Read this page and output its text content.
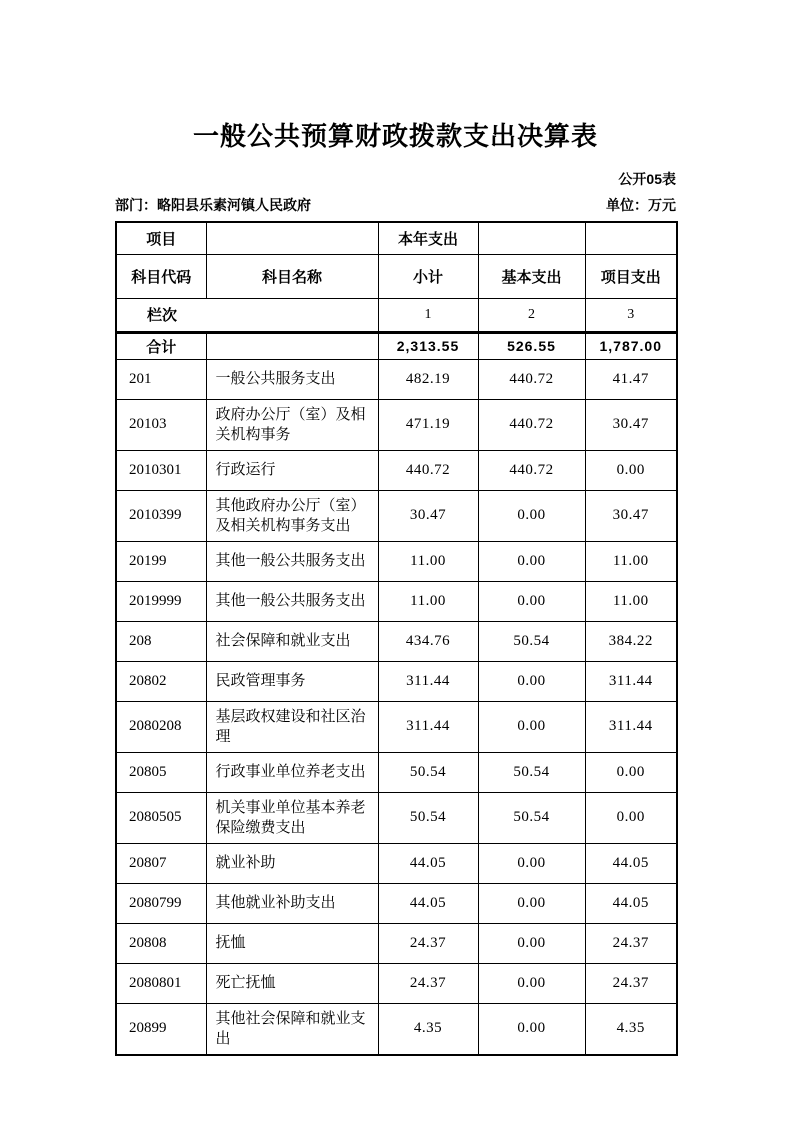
一般公共预算财政拨款支出决算表
公开05表
部门：略阳县乐素河镇人民政府	单位：万元
项目		本年支出		
科目代码	科目名称	小计	基本支出	项目支出

栏次		1	2	3
合计		2,313.55	526.55	1,787.00
201	一般公共服务支出	482.19	440.72	41.47
20103	政府办公厅（室）及相关机构事务	471.19	440.72	30.47
2010301	行政运行	440.72	440.72	0.00
2010399	其他政府办公厅（室）及相关机构事务支出	30.47	0.00	30.47
20199	其他一般公共服务支出	11.00	0.00	11.00
2019999	其他一般公共服务支出	11.00	0.00	11.00
208	社会保障和就业支出	434.76	50.54	384.22
20802	民政管理事务	311.44	0.00	311.44
2080208	基层政权建设和社区治理	311.44	0.00	311.44
20805	行政事业单位养老支出	50.54	50.54	0.00
2080505	机关事业单位基本养老保险缴费支出	50.54	50.54	0.00
20807	就业补助	44.05	0.00	44.05
2080799	其他就业补助支出	44.05	0.00	44.05
20808	抚恤	24.37	0.00	24.37
2080801	死亡抚恤	24.37	0.00	24.37
20899	其他社会保障和就业支出	4.35	0.00	4.35
